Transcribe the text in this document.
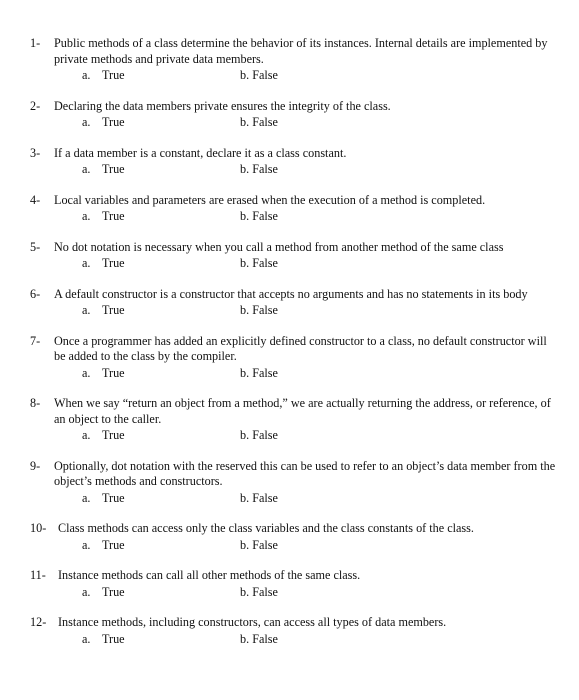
1-	Public methods of a class determine the behavior of its instances. Internal details are implemented by private methods and private data members.
a. True	b. False
2-	Declaring the data members private ensures the integrity of the class.
a. True	b. False
3-	If a data member is a constant, declare it as a class constant.
a. True	b. False
4-	Local variables and parameters are erased when the execution of a method is completed.
a. True	b. False
5-	No dot notation is necessary when you call a method from another method of the same class
a. True	b. False
6-	A default constructor is a constructor that accepts no arguments and has no statements in its body
a. True	b. False
7-	Once a programmer has added an explicitly defined constructor to a class, no default constructor will be added to the class by the compiler.
a. True	b. False
8-	When we say “return an object from a method,” we are actually returning the address, or reference, of an object to the caller.
a. True	b. False
9-	Optionally, dot notation with the reserved this can be used to refer to an object’s data member from the object’s methods and constructors.
a. True	b. False
10- Class methods can access only the class variables and the class constants of the class.
a. True	b. False
11-	Instance methods can call all other methods of the same class.
a. True	b. False
12- Instance methods, including constructors, can access all types of data members.
a. True	b. False
